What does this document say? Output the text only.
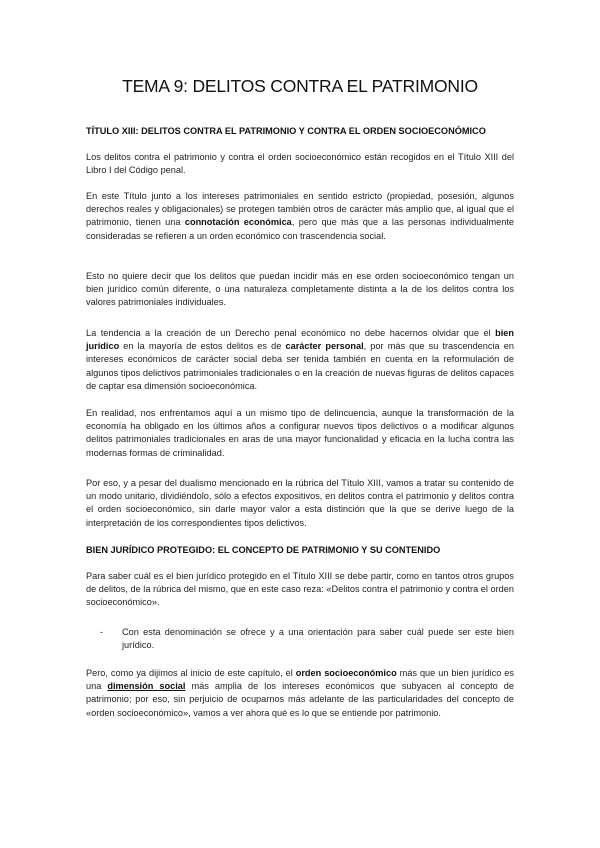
TEMA 9: DELITOS CONTRA EL PATRIMONIO
TÍTULO XIII: DELITOS CONTRA EL PATRIMONIO Y CONTRA EL ORDEN SOCIOECONÓMICO
Los delitos contra el patrimonio y contra el orden socioeconómico están recogidos en el Título XIII del Libro I del Código penal.
En este Título junto a los intereses patrimoniales en sentido estricto (propiedad, posesión, algunos derechos reales y obligacionales) se protegen también otros de carácter más amplio que, al igual que el patrimonio, tienen una connotación económica, pero que más que a las personas individualmente consideradas se refieren a un orden económico con trascendencia social.
Esto no quiere decir que los delitos que puedan incidir más en ese orden socioeconómico tengan un bien jurídico común diferente, o una naturaleza completamente distinta a la de los delitos contra los valores patrimoniales individuales.
La tendencia a la creación de un Derecho penal económico no debe hacernos olvidar que el bien jurídico en la mayoría de estos delitos es de carácter personal, por más que su trascendencia en intereses económicos de carácter social deba ser tenida también en cuenta en la reformulación de algunos tipos delictivos patrimoniales tradicionales o en la creación de nuevas figuras de delitos capaces de captar esa dimensión socioeconómica.
En realidad, nos enfrentamos aquí a un mismo tipo de delincuencia, aunque la transformación de la economía ha obligado en los últimos años a configurar nuevos tipos delictivos o a modificar algunos delitos patrimoniales tradicionales en aras de una mayor funcionalidad y eficacia en la lucha contra las modernas formas de criminalidad.
Por eso, y a pesar del dualismo mencionado en la rúbrica del Título XIII, vamos a tratar su contenido de un modo unitario, dividiéndolo, sólo a efectos expositivos, en delitos contra el patrimonio y delitos contra el orden socioeconómico, sin darle mayor valor a esta distinción que la que se derive luego de la interpretación de los correspondientes tipos delictivos.
BIEN JURÍDICO PROTEGIDO: EL CONCEPTO DE PATRIMONIO Y SU CONTENIDO
Para saber cuál es el bien jurídico protegido en el Título XIII se debe partir, como en tantos otros grupos de delitos, de la rúbrica del mismo, que en este caso reza: «Delitos contra el patrimonio y contra el orden socioeconómico».
- Con esta denominación se ofrece y a una orientación para saber cuál puede ser este bien jurídico.
Pero, como ya dijimos al inicio de este capítulo, el orden socioeconómico más que un bien jurídico es una dimensión social más amplia de los intereses económicos que subyacen al concepto de patrimonio; por eso, sin perjuicio de ocuparnos más adelante de las particularidades del concepto de «orden socioeconómico», vamos a ver ahora qué es lo que se entiende por patrimonio.
